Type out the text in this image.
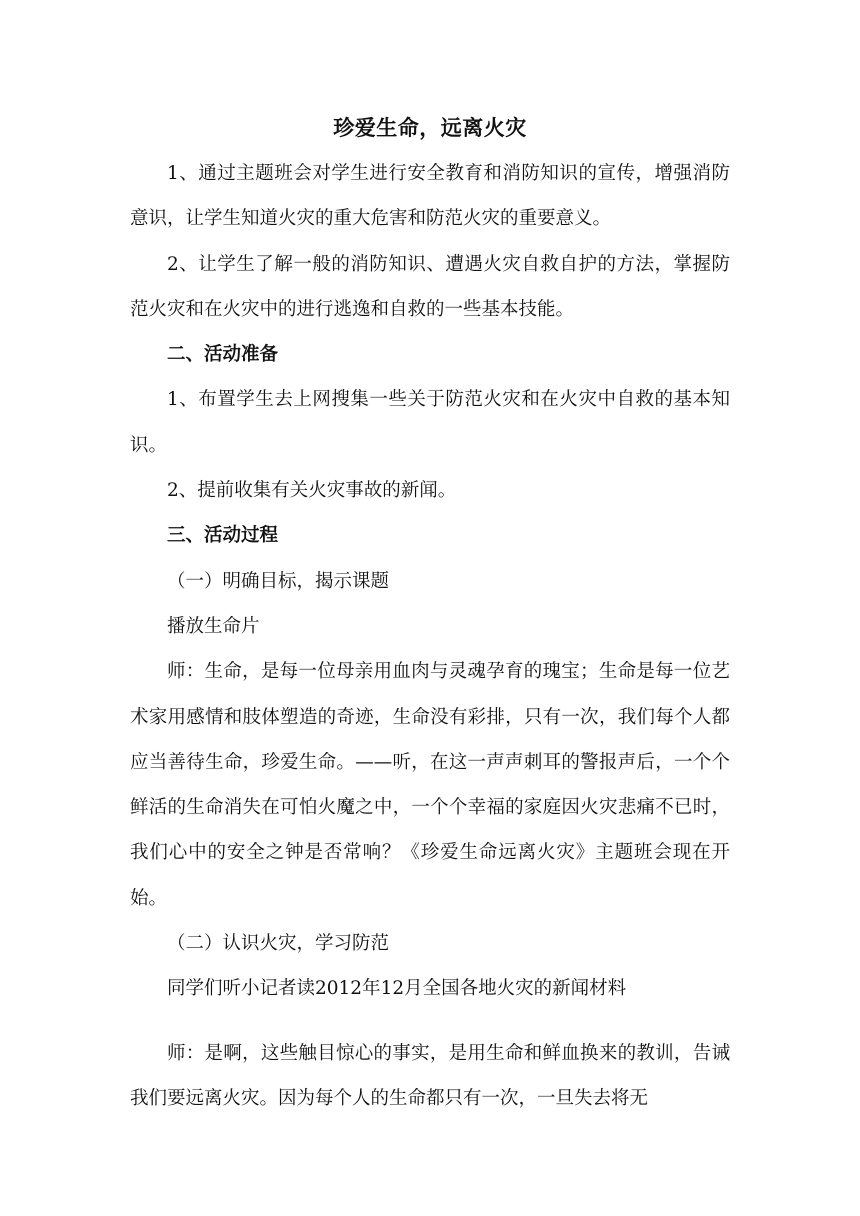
珍爱生命，远离火灾

1、通过主题班会对学生进行安全教育和消防知识的宣传，增强消防意识，让学生知道火灾的重大危害和防范火灾的重要意义。

2、让学生了解一般的消防知识、遭遇火灾自救自护的方法，掌握防范火灾和在火灾中的进行逃逸和自救的一些基本技能。

二、活动准备

1、布置学生去上网搜集一些关于防范火灾和在火灾中自救的基本知识。

2、提前收集有关火灾事故的新闻。

三、活动过程

（一）明确目标，揭示课题

播放生命片

师：生命，是每一位母亲用血肉与灵魂孕育的瑰宝；生命是每一位艺术家用感情和肢体塑造的奇迹，生命没有彩排，只有一次，我们每个人都应当善待生命，珍爱生命。——听，在这一声声刺耳的警报声后，一个个鲜活的生命消失在可怕火魔之中，一个个幸福的家庭因火灾悲痛不已时，我们心中的安全之钟是否常响？《珍爱生命远离火灾》主题班会现在开始。

（二）认识火灾，学习防范

同学们听小记者读2012年12月全国各地火灾的新闻材料

师：是啊，这些触目惊心的事实，是用生命和鲜血换来的教训，告诫我们要远离火灾。因为每个人的生命都只有一次，一旦失去将无
